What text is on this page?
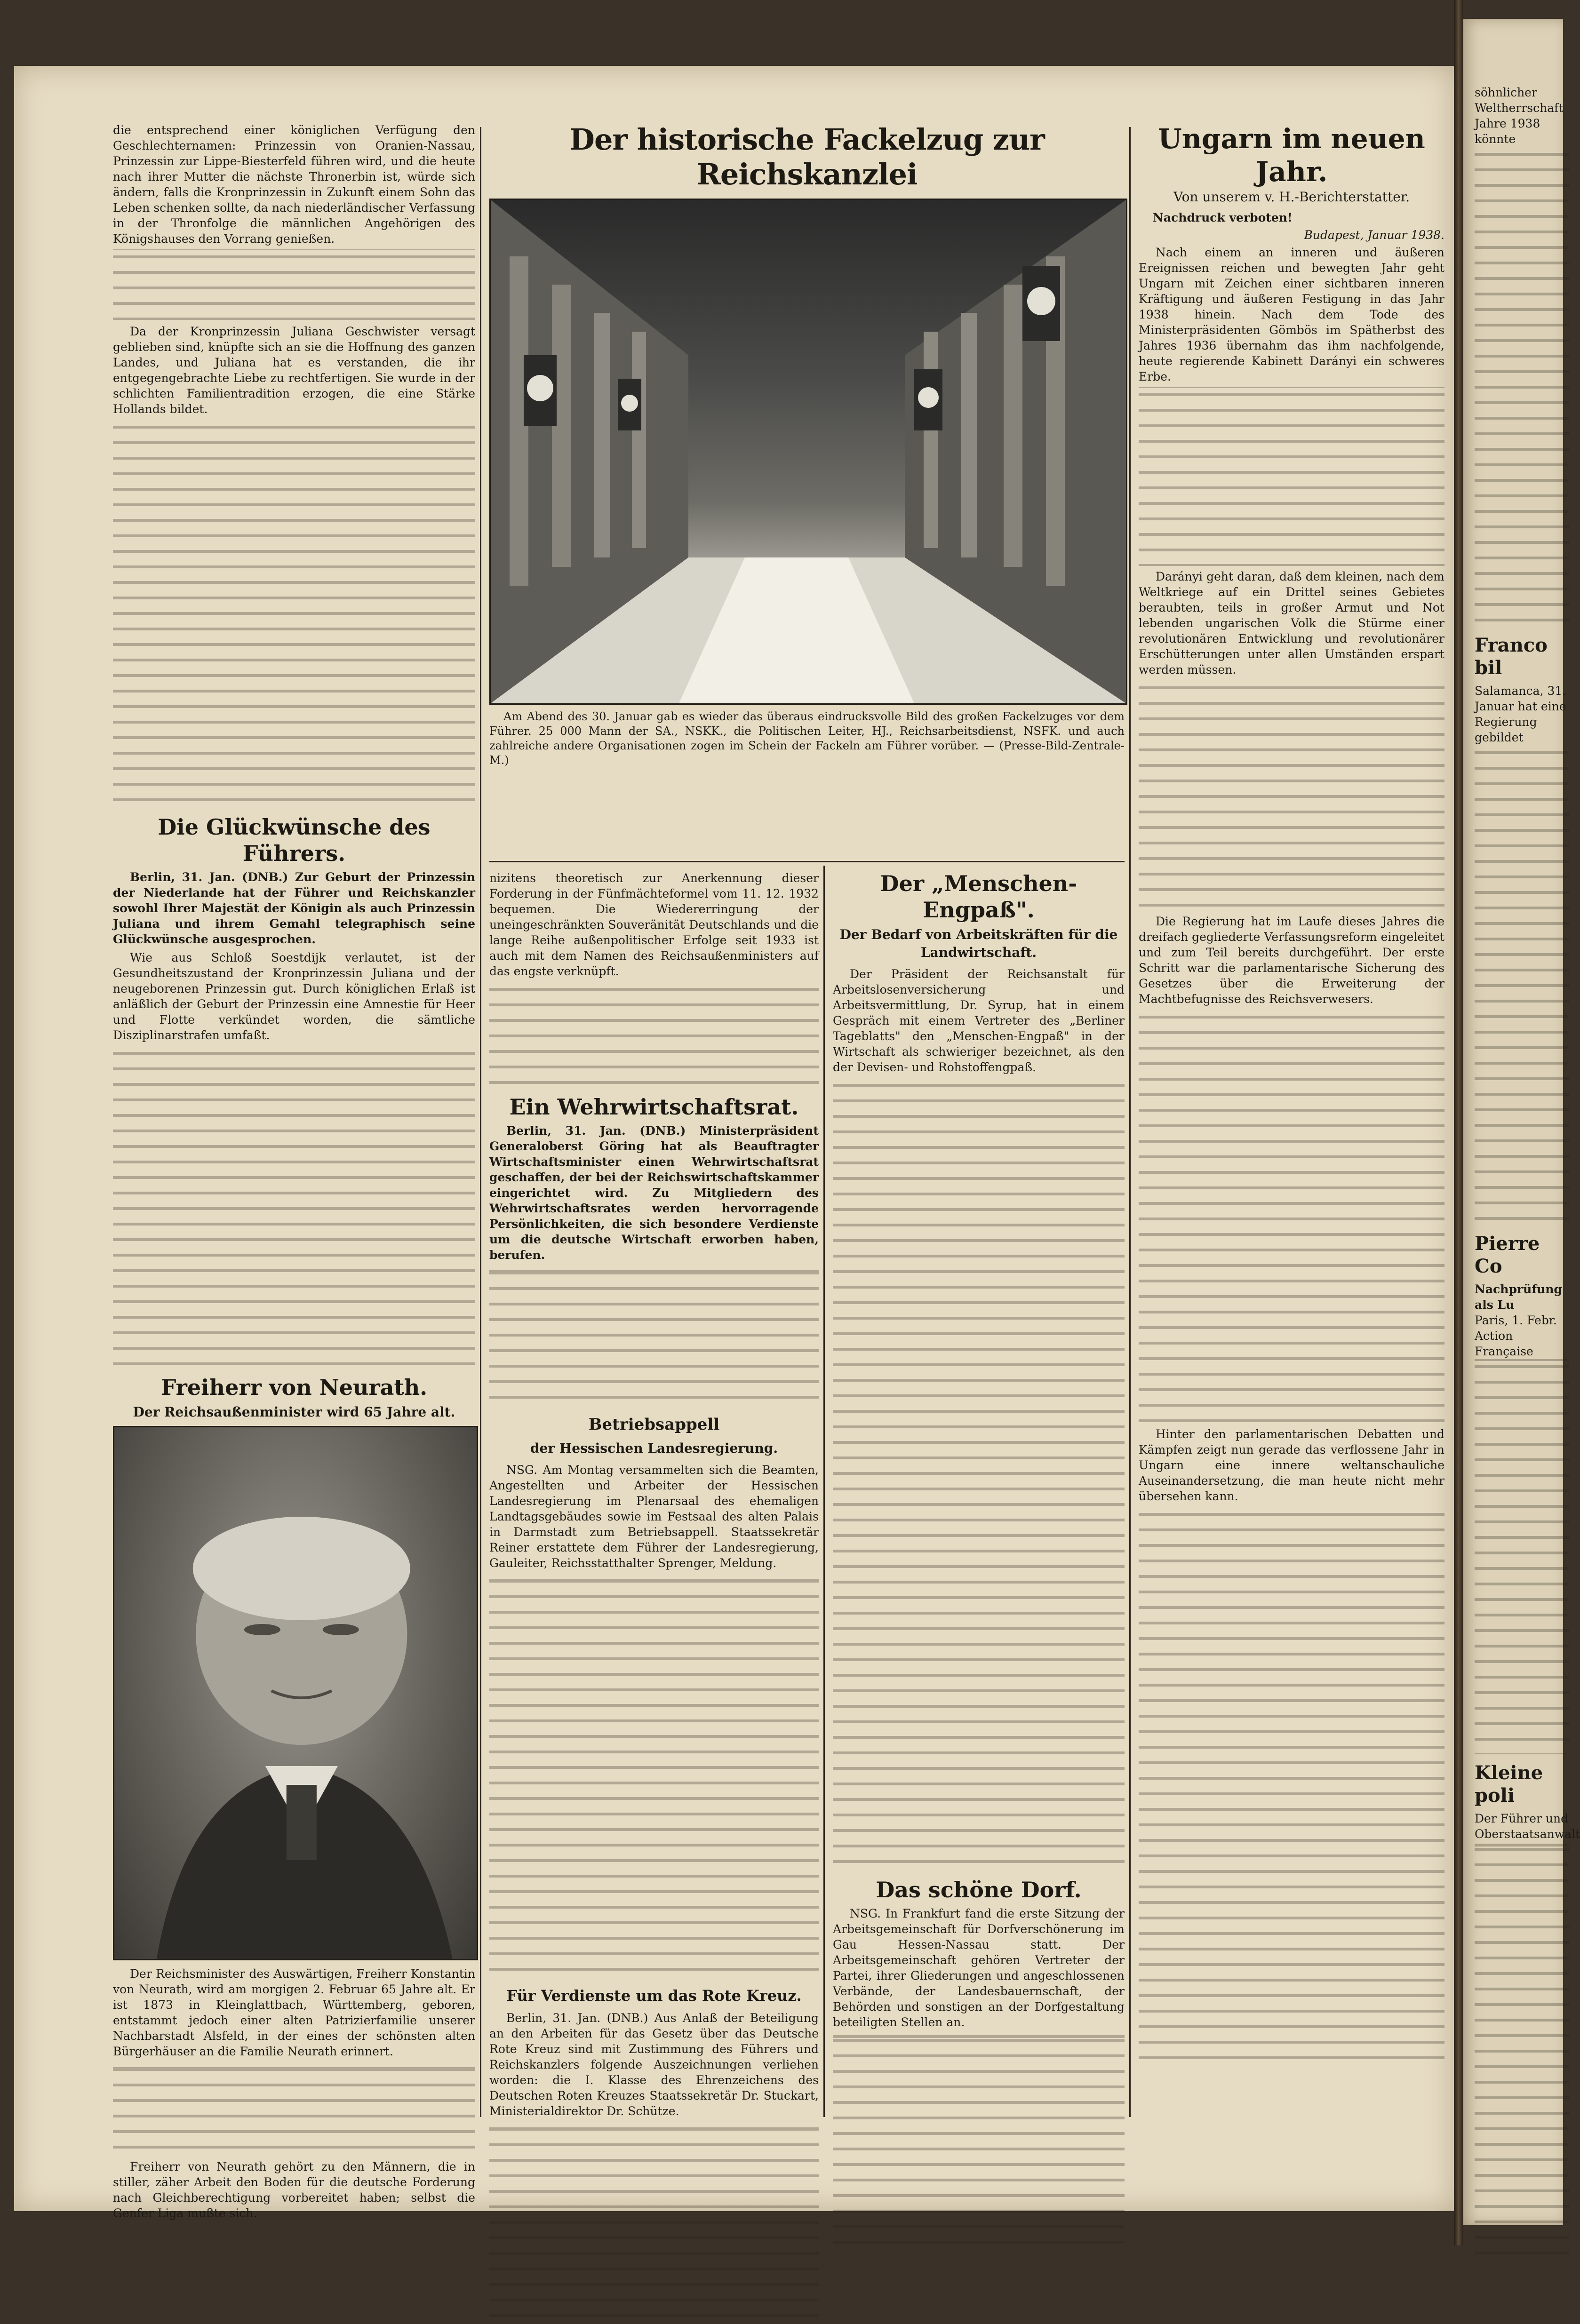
die entsprechend einer königlichen Verfügung den Geschlechternamen: Prinzessin von Oranien-Nassau, Prinzessin zur Lippe-Biesterfeld führen wird, und die heute nach ihrer Mutter die nächste Thronerbin ist, würde sich ändern, falls die Kronprinzessin in Zukunft einem Sohn das Leben schenken sollte, da nach niederländischer Verfassung in der Thronfolge die männlichen Angehörigen des Königshauses den Vorrang genießen.

Da der Kronprinzessin Juliana Geschwister versagt geblieben sind, knüpfte sich an sie die Hoffnung des ganzen Landes, und Juliana hat es verstanden, die ihr entgegengebrachte Liebe zu rechtfertigen. Sie wurde in der schlichten Familientradition erzogen, die eine Stärke Hollands bildet.

Die Glückwünsche des Führers.

Berlin, 31. Jan. (DNB.) Zur Geburt der Prinzessin der Niederlande hat der Führer und Reichskanzler sowohl Ihrer Majestät der Königin als auch Prinzessin Juliana und ihrem Gemahl telegraphisch seine Glückwünsche ausgesprochen.

Wie aus Schloß Soestdijk verlautet, ist der Gesundheitszustand der Kronprinzessin Juliana und der neugeborenen Prinzessin gut. Durch königlichen Erlaß ist anläßlich der Geburt der Prinzessin eine Amnestie für Heer und Flotte verkündet worden, die sämtliche Disziplinarstrafen umfaßt.

Freiherr von Neurath.

Der Reichsaußenminister wird 65 Jahre alt.

Der Reichsminister des Auswärtigen, Freiherr Konstantin von Neurath, wird am morgigen 2. Februar 65 Jahre alt. Er ist 1873 in Kleinglattbach, Württemberg, geboren, entstammt jedoch einer alten Patrizierfamilie unserer Nachbarstadt Alsfeld, in der eines der schönsten alten Bürgerhäuser an die Familie Neurath erinnert.

Freiherr von Neurath gehört zu den Männern, die in stiller, zäher Arbeit den Boden für die deutsche Forderung nach Gleichberechtigung vorbereitet haben; selbst die Genfer Liga mußte sich.

Der historische Fackelzug zur Reichskanzlei

Am Abend des 30. Januar gab es wieder das überaus eindrucksvolle Bild des großen Fackelzuges vor dem Führer. 25 000 Mann der SA., NSKK., die Politischen Leiter, HJ., Reichsarbeitsdienst, NSFK. und auch zahlreiche andere Organisationen zogen im Schein der Fackeln am Führer vorüber. — (Presse-Bild-Zentrale-M.)

nizitens theoretisch zur Anerkennung dieser Forderung in der Fünfmächteformel vom 11. 12. 1932 bequemen. Die Wiedererringung der uneingeschränkten Souveränität Deutschlands und die lange Reihe außenpolitischer Erfolge seit 1933 ist auch mit dem Namen des Reichsaußenministers auf das engste verknüpft.

Ein Wehrwirtschaftsrat.

Berlin, 31. Jan. (DNB.) Ministerpräsident Generaloberst Göring hat als Beauftragter Wirtschaftsminister einen Wehrwirtschaftsrat geschaffen, der bei der Reichswirtschaftskammer eingerichtet wird. Zu Mitgliedern des Wehrwirtschaftsrates werden hervorragende Persönlichkeiten, die sich besondere Verdienste um die deutsche Wirtschaft erworben haben, berufen.

Betriebsappell

der Hessischen Landesregierung.

NSG. Am Montag versammelten sich die Beamten, Angestellten und Arbeiter der Hessischen Landesregierung im Plenarsaal des ehemaligen Landtagsgebäudes sowie im Festsaal des alten Palais in Darmstadt zum Betriebsappell. Staatssekretär Reiner erstattete dem Führer der Landesregierung, Gauleiter, Reichsstatthalter Sprenger, Meldung.

Für Verdienste um das Rote Kreuz.

Berlin, 31. Jan. (DNB.) Aus Anlaß der Beteiligung an den Arbeiten für das Gesetz über das Deutsche Rote Kreuz sind mit Zustimmung des Führers und Reichskanzlers folgende Auszeichnungen verliehen worden: die I. Klasse des Ehrenzeichens des Deutschen Roten Kreuzes Staatssekretär Dr. Stuckart, Ministerialdirektor Dr. Schütze.

Der „Menschen-Engpaß".

Der Bedarf von Arbeitskräften für die Landwirtschaft.

Der Präsident der Reichsanstalt für Arbeitslosenversicherung und Arbeitsvermittlung, Dr. Syrup, hat in einem Gespräch mit einem Vertreter des „Berliner Tageblatts" den „Menschen-Engpaß" in der Wirtschaft als schwieriger bezeichnet, als den der Devisen- und Rohstoffengpaß.

Das schöne Dorf.

NSG. In Frankfurt fand die erste Sitzung der Arbeitsgemeinschaft für Dorfverschönerung im Gau Hessen-Nassau statt. Der Arbeitsgemeinschaft gehören Vertreter der Partei, ihrer Gliederungen und angeschlossenen Verbände, der Landesbauernschaft, der Behörden und sonstigen an der Dorfgestaltung beteiligten Stellen an.

Ungarn im neuen Jahr.

Von unserem v. H.-Berichterstatter.

Nachdruck verboten!

Budapest, Januar 1938.

Nach einem an inneren und äußeren Ereignissen reichen und bewegten Jahr geht Ungarn mit Zeichen einer sichtbaren inneren Kräftigung und äußeren Festigung in das Jahr 1938 hinein. Nach dem Tode des Ministerpräsidenten Gömbös im Spätherbst des Jahres 1936 übernahm das ihm nachfolgende, heute regierende Kabinett Darányi ein schweres Erbe.

Darányi geht daran, daß dem kleinen, nach dem Weltkriege auf ein Drittel seines Gebietes beraubten, teils in großer Armut und Not lebenden ungarischen Volk die Stürme einer revolutionären Entwicklung und revolutionärer Erschütterungen unter allen Umständen erspart werden müssen.

Die Regierung hat im Laufe dieses Jahres die dreifach gegliederte Verfassungsreform eingeleitet und zum Teil bereits durchgeführt. Der erste Schritt war die parlamentarische Sicherung des Gesetzes über die Erweiterung der Machtbefugnisse des Reichsverwesers.

Hinter den parlamentarischen Debatten und Kämpfen zeigt nun gerade das verflossene Jahr in Ungarn eine innere weltanschauliche Auseinandersetzung, die man heute nicht mehr übersehen kann.

söhnlicher Weltherrschaft Jahre 1938 könnte

Franco bil

Salamanca, 31. Januar hat eine Regierung gebildet

Pierre Co

Nachprüfung als Lu

Paris, 1. Febr. Action Française

Kleine poli

Der Führer und Oberstaatsanwalt
